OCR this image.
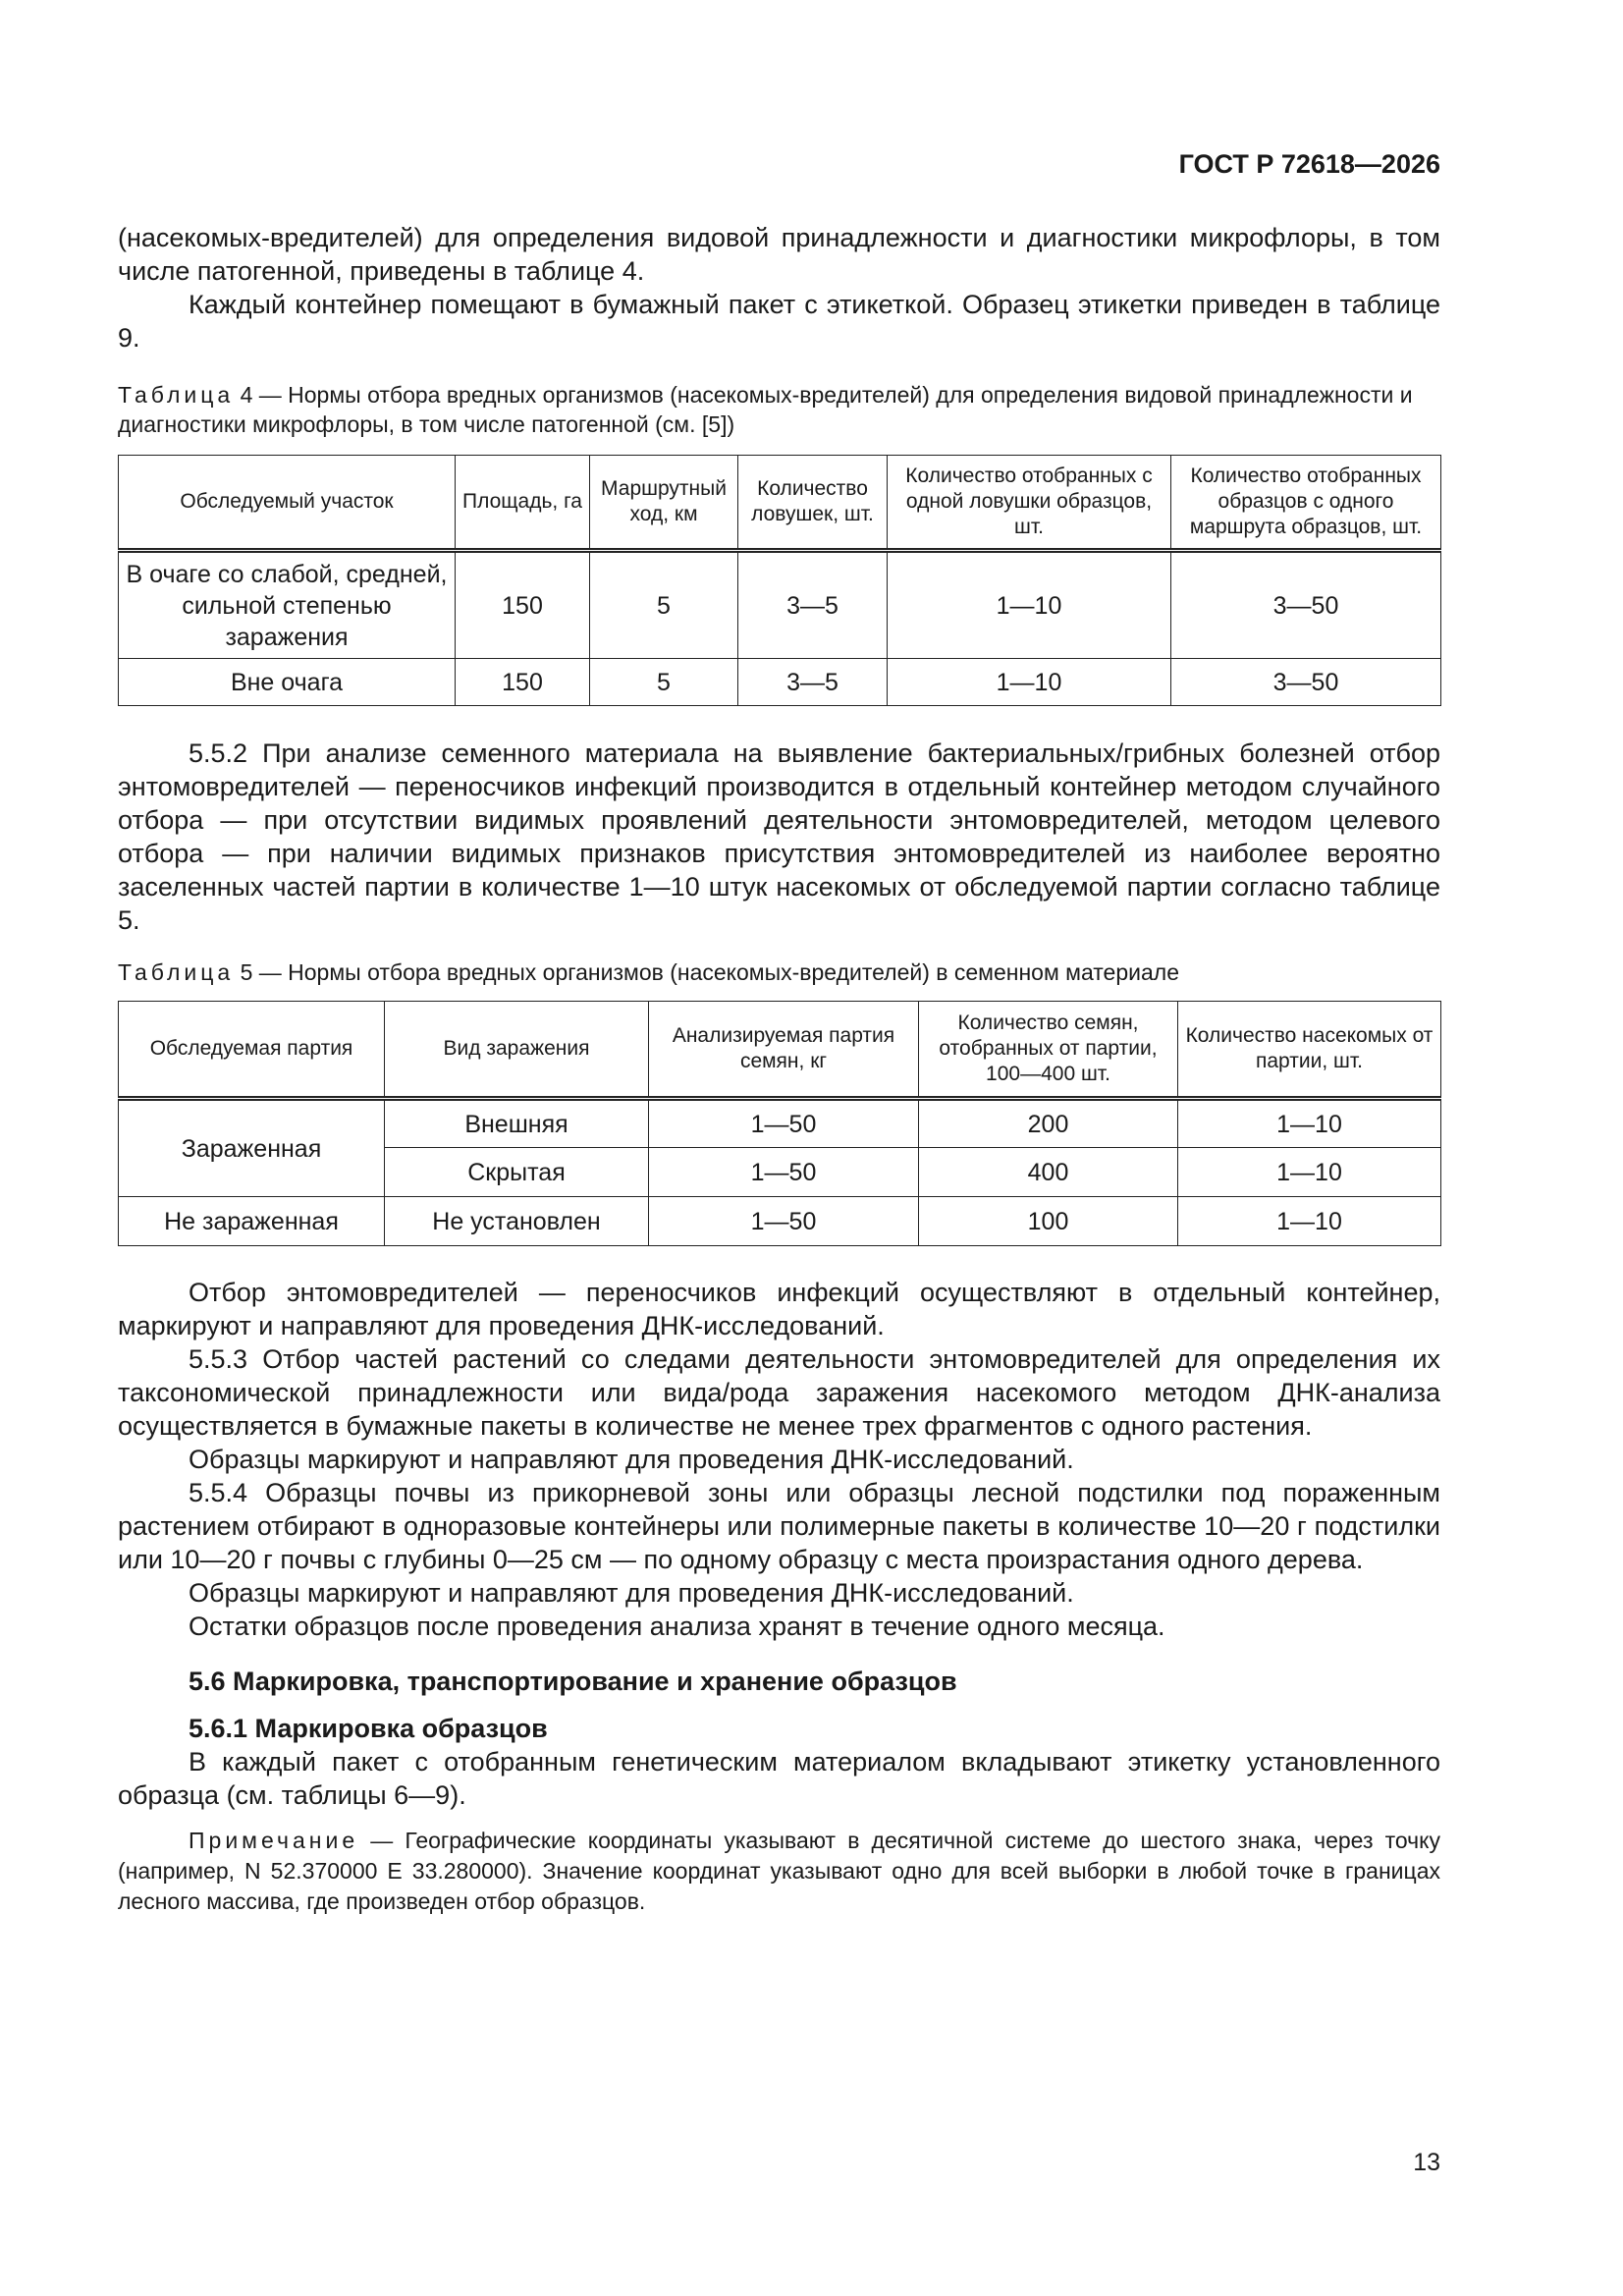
ГОСТ Р 72618—2026

(насекомых-вредителей) для определения видовой принадлежности и диагностики микрофлоры, в том числе патогенной, приведены в таблице 4.

Каждый контейнер помещают в бумажный пакет с этикеткой. Образец этикетки приведен в таблице 9.

Таблица 4 — Нормы отбора вредных организмов (насекомых-вредителей) для определения видовой принадлежности и диагностики микрофлоры, в том числе патогенной (см. [5])

Обследуемый участок	Площадь, га	Маршрутный ход, км	Количество ловушек, шт.	Количество отобранных с одной ловушки образцов, шт.	Количество отобранных образцов с одного маршрута образцов, шт.
В очаге со слабой, средней, сильной степенью заражения	150	5	3—5	1—10	3—50
Вне очага	150	5	3—5	1—10	3—50

5.5.2 При анализе семенного материала на выявление бактериальных/грибных болезней отбор энтомовредителей — переносчиков инфекций производится в отдельный контейнер методом случайного отбора — при отсутствии видимых проявлений деятельности энтомовредителей, методом целевого отбора — при наличии видимых признаков присутствия энтомовредителей из наиболее вероятно заселенных частей партии в количестве 1—10 штук насекомых от обследуемой партии согласно таблице 5.

Таблица 5 — Нормы отбора вредных организмов (насекомых-вредителей) в семенном материале

Обследуемая партия	Вид заражения	Анализируемая партия семян, кг	Количество семян, отобранных от партии, 100—400 шт.	Количество насекомых от партии, шт.
Зараженная	Внешняя	1—50	200	1—10
	Скрытая	1—50	400	1—10
Не зараженная	Не установлен	1—50	100	1—10

Отбор энтомовредителей — переносчиков инфекций осуществляют в отдельный контейнер, маркируют и направляют для проведения ДНК-исследований.

5.5.3 Отбор частей растений со следами деятельности энтомовредителей для определения их таксономической принадлежности или вида/рода заражения насекомого методом ДНК-анализа осуществляется в бумажные пакеты в количестве не менее трех фрагментов с одного растения.

Образцы маркируют и направляют для проведения ДНК-исследований.

5.5.4 Образцы почвы из прикорневой зоны или образцы лесной подстилки под пораженным растением отбирают в одноразовые контейнеры или полимерные пакеты в количестве 10—20 г подстилки или 10—20 г почвы с глубины 0—25 см — по одному образцу с места произрастания одного дерева.

Образцы маркируют и направляют для проведения ДНК-исследований.

Остатки образцов после проведения анализа хранят в течение одного месяца.

5.6 Маркировка, транспортирование и хранение образцов

5.6.1 Маркировка образцов

В каждый пакет с отобранным генетическим материалом вкладывают этикетку установленного образца (см. таблицы 6—9).

Примечание — Географические координаты указывают в десятичной системе до шестого знака, через точку (например, N 52.370000 E 33.280000). Значение координат указывают одно для всей выборки в любой точке в границах лесного массива, где произведен отбор образцов.

13
